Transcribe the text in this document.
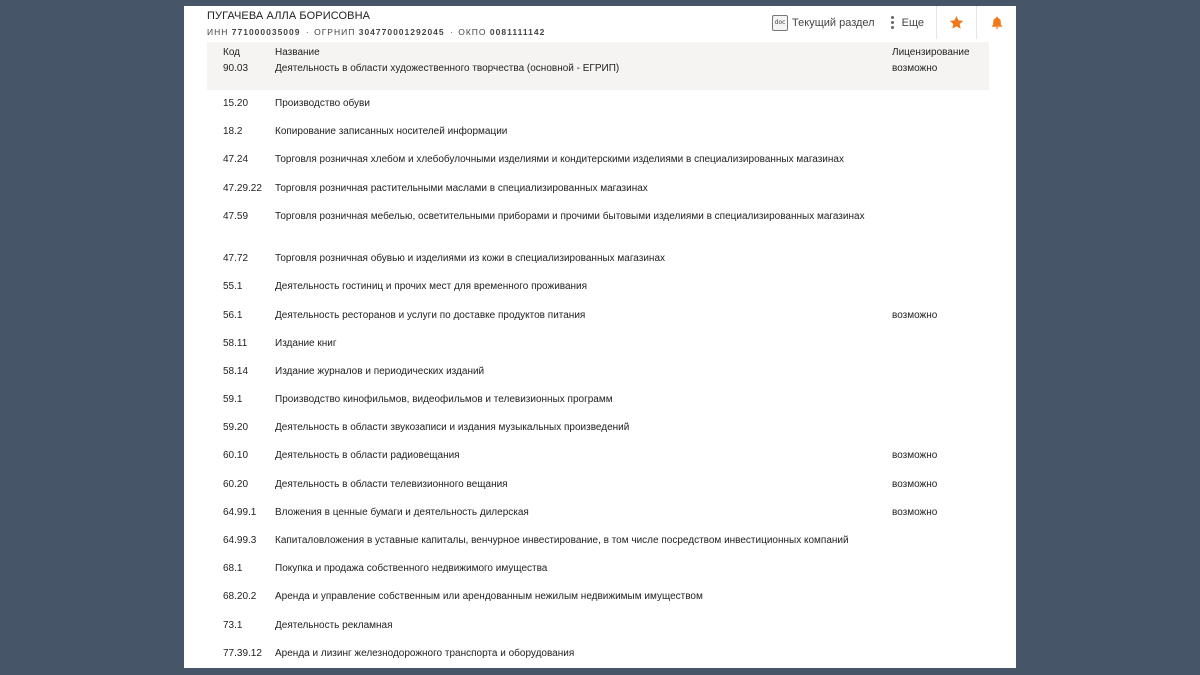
ПУГАЧЕВА АЛЛА БОРИСОВНА
ИНН 771000035009 · ОГРНИП 304770001292045 · ОКПО 0081111142
doc Текущий раздел Еще
Код	Название	Лицензирование
90.03	Деятельность в области художественного творчества (основной - ЕГРИП)	возможно
15.20	Производство обуви
18.2	Копирование записанных носителей информации
47.24	Торговля розничная хлебом и хлебобулочными изделиями и кондитерскими изделиями в специализированных магазинах
47.29.22	Торговля розничная растительными маслами в специализированных магазинах
47.59	Торговля розничная мебелью, осветительными приборами и прочими бытовыми изделиями в специализированных магазинах
47.72	Торговля розничная обувью и изделиями из кожи в специализированных магазинах
55.1	Деятельность гостиниц и прочих мест для временного проживания
56.1	Деятельность ресторанов и услуги по доставке продуктов питания	возможно
58.11	Издание книг
58.14	Издание журналов и периодических изданий
59.1	Производство кинофильмов, видеофильмов и телевизионных программ
59.20	Деятельность в области звукозаписи и издания музыкальных произведений
60.10	Деятельность в области радиовещания	возможно
60.20	Деятельность в области телевизионного вещания	возможно
64.99.1	Вложения в ценные бумаги и деятельность дилерская	возможно
64.99.3	Капиталовложения в уставные капиталы, венчурное инвестирование, в том числе посредством инвестиционных компаний
68.1	Покупка и продажа собственного недвижимого имущества
68.20.2	Аренда и управление собственным или арендованным нежилым недвижимым имуществом
73.1	Деятельность рекламная
77.39.12	Аренда и лизинг железнодорожного транспорта и оборудования
